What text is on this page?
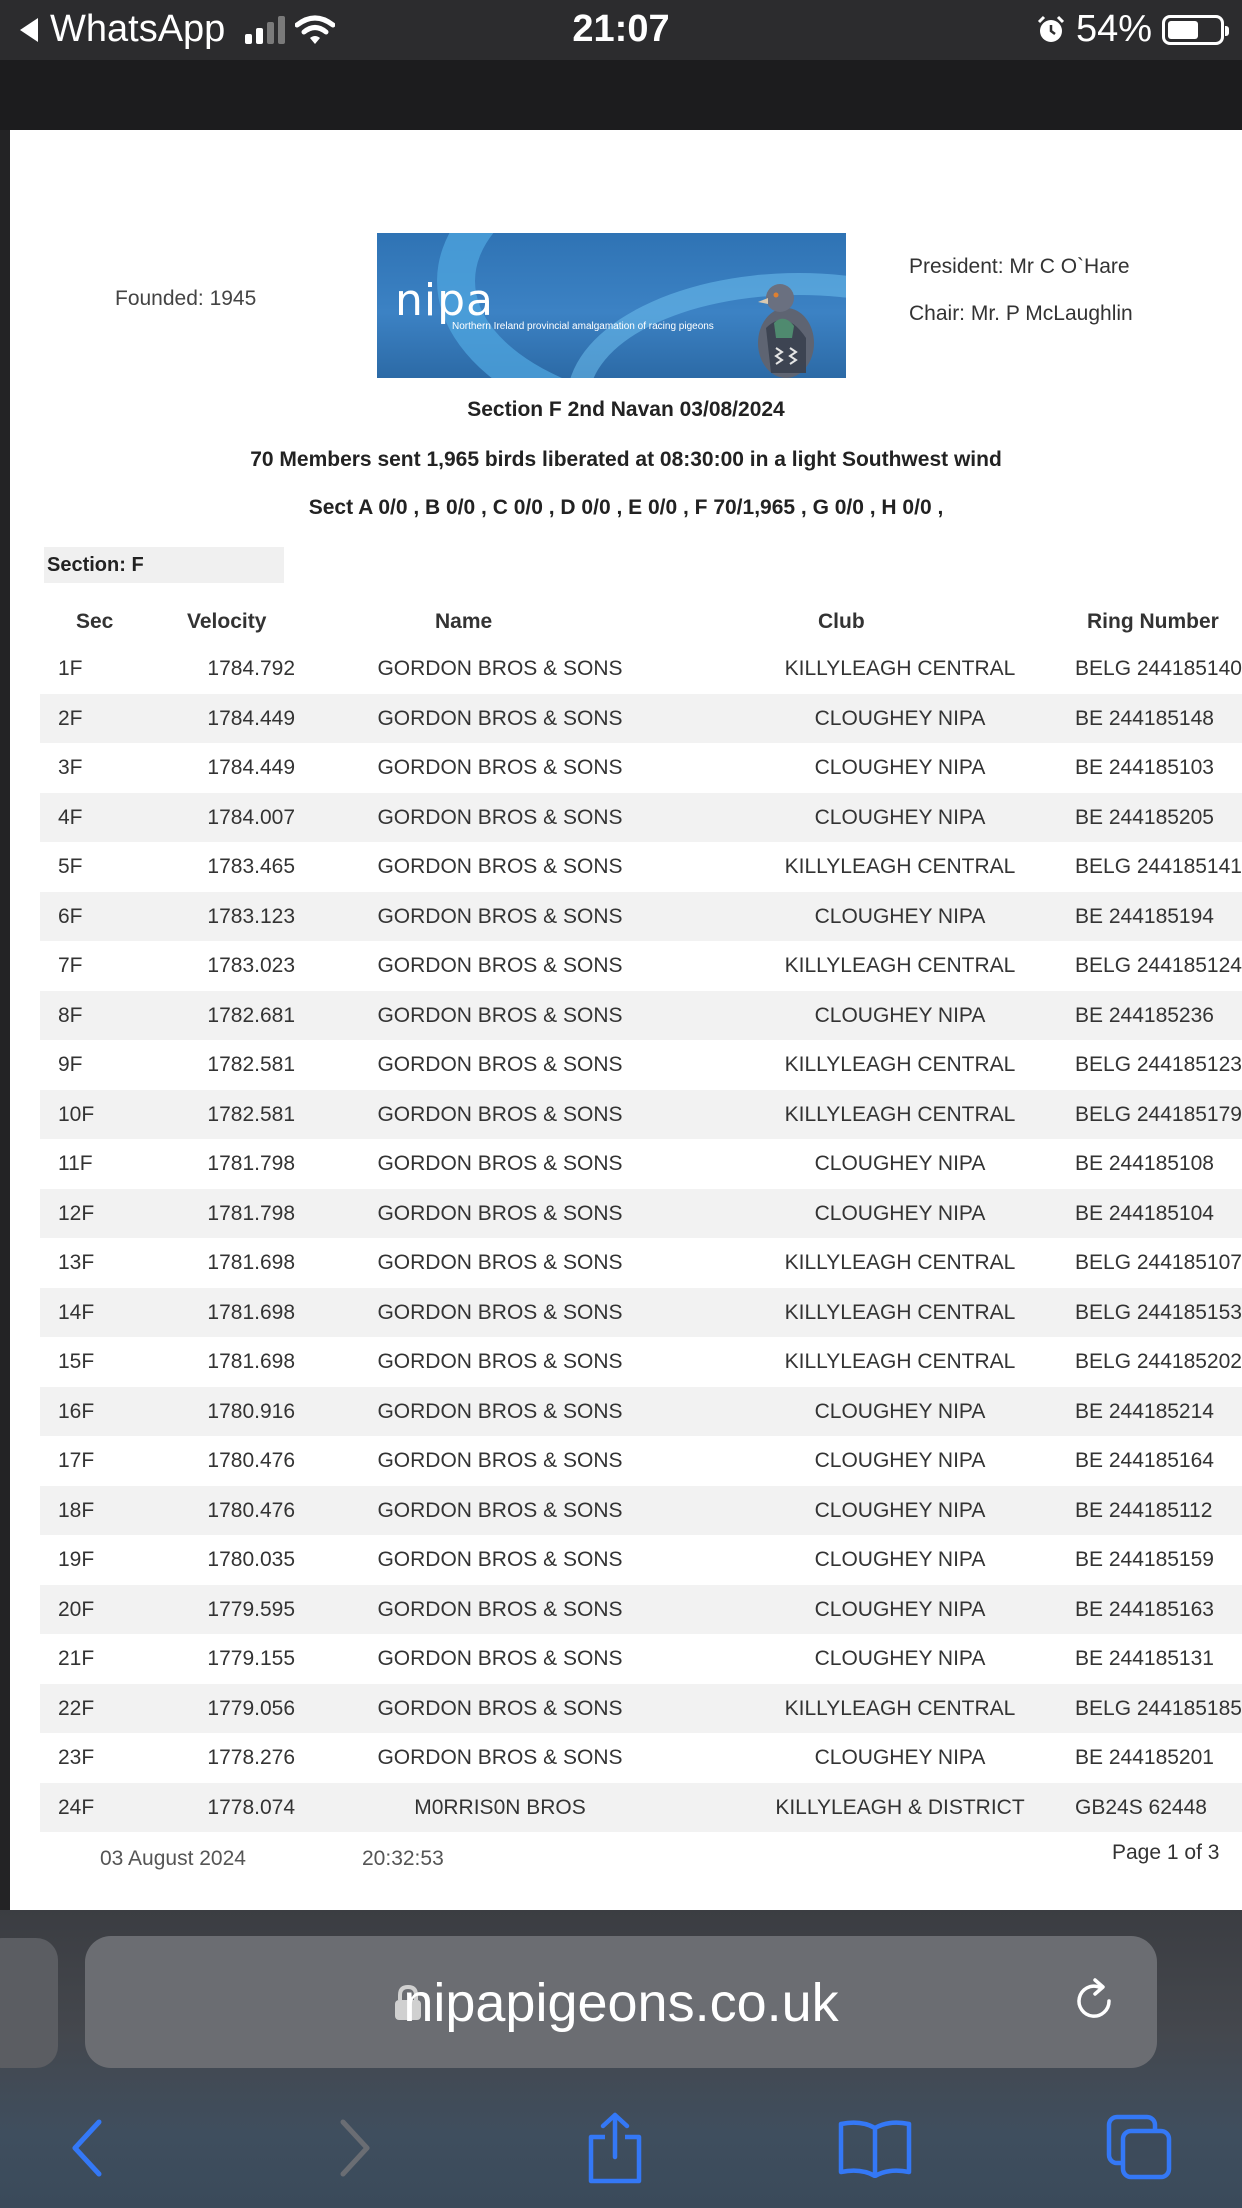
WhatsApp	21:07	54%
Founded: 1945	nipa
Northern Ireland provincial amalgamation of racing pigeons
President: Mr C O`Hare
Chair: Mr. P McLaughlin
Section F 2nd Navan 03/08/2024
70 Members sent 1,965 birds liberated at 08:30:00 in a light Southwest wind
Sect A 0/0 , B 0/0 , C 0/0 , D 0/0 , E 0/0 , F 70/1,965 , G 0/0 , H 0/0 ,
Section: F
Sec	Velocity	Name	Club	Ring Number
1F	1784.792	GORDON BROS & SONS	KILLYLEAGH CENTRAL	BELG 244185140
2F	1784.449	GORDON BROS & SONS	CLOUGHEY NIPA	BE 244185148
3F	1784.449	GORDON BROS & SONS	CLOUGHEY NIPA	BE 244185103
4F	1784.007	GORDON BROS & SONS	CLOUGHEY NIPA	BE 244185205
5F	1783.465	GORDON BROS & SONS	KILLYLEAGH CENTRAL	BELG 244185141
6F	1783.123	GORDON BROS & SONS	CLOUGHEY NIPA	BE 244185194
7F	1783.023	GORDON BROS & SONS	KILLYLEAGH CENTRAL	BELG 244185124
8F	1782.681	GORDON BROS & SONS	CLOUGHEY NIPA	BE 244185236
9F	1782.581	GORDON BROS & SONS	KILLYLEAGH CENTRAL	BELG 244185123
10F	1782.581	GORDON BROS & SONS	KILLYLEAGH CENTRAL	BELG 244185179
11F	1781.798	GORDON BROS & SONS	CLOUGHEY NIPA	BE 244185108
12F	1781.798	GORDON BROS & SONS	CLOUGHEY NIPA	BE 244185104
13F	1781.698	GORDON BROS & SONS	KILLYLEAGH CENTRAL	BELG 244185107
14F	1781.698	GORDON BROS & SONS	KILLYLEAGH CENTRAL	BELG 244185153
15F	1781.698	GORDON BROS & SONS	KILLYLEAGH CENTRAL	BELG 244185202
16F	1780.916	GORDON BROS & SONS	CLOUGHEY NIPA	BE 244185214
17F	1780.476	GORDON BROS & SONS	CLOUGHEY NIPA	BE 244185164
18F	1780.476	GORDON BROS & SONS	CLOUGHEY NIPA	BE 244185112
19F	1780.035	GORDON BROS & SONS	CLOUGHEY NIPA	BE 244185159
20F	1779.595	GORDON BROS & SONS	CLOUGHEY NIPA	BE 244185163
21F	1779.155	GORDON BROS & SONS	CLOUGHEY NIPA	BE 244185131
22F	1779.056	GORDON BROS & SONS	KILLYLEAGH CENTRAL	BELG 244185185
23F	1778.276	GORDON BROS & SONS	CLOUGHEY NIPA	BE 244185201
24F	1778.074	M0RRIS0N BROS	KILLYLEAGH & DISTRICT	GB24S 62448
03 August 2024	20:32:53	Page 1 of 3
nipapigeons.co.uk
